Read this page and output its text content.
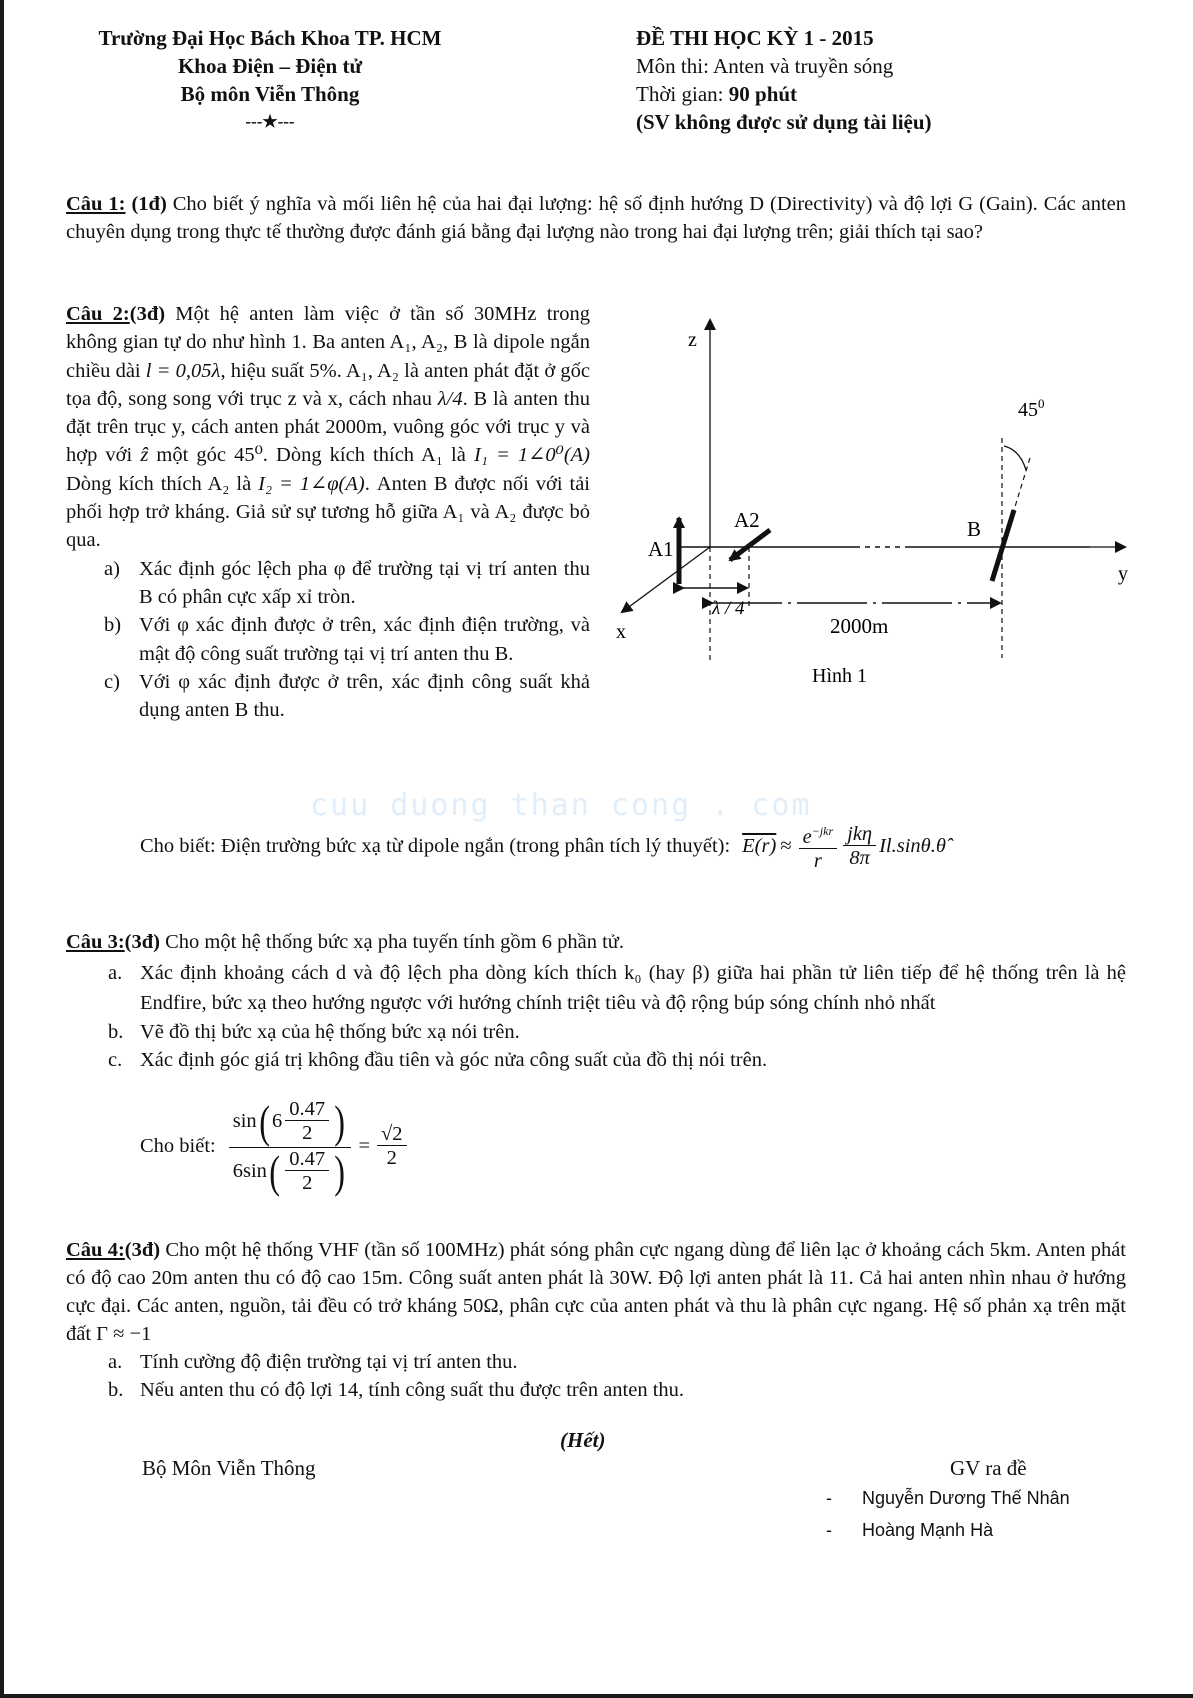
Trường Đại Học Bách Khoa TP. HCM
Khoa Điện – Điện tử
Bộ môn Viễn Thông
---★---
ĐỀ THI HỌC KỲ 1 - 2015
Môn thi: Anten và truyền sóng
Thời gian: 90 phút
(SV không được sử dụng tài liệu)
Câu 1: (1đ) Cho biết ý nghĩa và mối liên hệ của hai đại lượng: hệ số định hướng D (Directivity) và độ lợi G (Gain). Các anten chuyên dụng trong thực tế thường được đánh giá bằng đại lượng nào trong hai đại lượng trên; giải thích tại sao?
Câu 2:(3đ) Một hệ anten làm việc ở tần số 30MHz trong không gian tự do như hình 1. Ba anten A₁, A₂, B là dipole ngắn chiều dài l = 0,05λ, hiệu suất 5%. A₁, A₂ là anten phát đặt ở gốc tọa độ, song song với trục z và x, cách nhau λ/4. B là anten thu đặt trên trục y, cách anten phát 2000m, vuông góc với trục y và hợp với ẑ một góc 45⁰. Dòng kích thích A₁ là I₁ = 1∠0⁰(A) Dòng kích thích A₂ là I₂ = 1∠φ(A). Anten B được nối với tải phối hợp trở kháng. Giả sử sự tương hỗ giữa A₁ và A₂ được bỏ qua.
a) Xác định góc lệch pha φ để trường tại vị trí anten thu B có phân cực xấp xỉ tròn.
b) Với φ xác định được ở trên, xác định điện trường, và mật độ công suất trường tại vị trí anten thu B.
c) Với φ xác định được ở trên, xác định công suất khả dụng anten B thu.
z
y
x
A1
A2
λ / 4
B
$45^0$
2000m
Hình 1
cuu duong than cong . com
Cho biết: Điện trường bức xạ từ dipole ngắn (trong phân tích lý thuyết): $E(r) \approx \frac{e^{-jkr}}{r} \frac{\text{jkη}}{8\pi}$ Il.sinθ.θ̂
Câu 3:(3đ) Cho một hệ thống bức xạ pha tuyến tính gồm 6 phần tử.
a. Xác định khoảng cách d và độ lệch pha dòng kích thích k₀ (hay β) giữa hai phần tử liên tiếp để hệ thống trên là hệ Endfire, bức xạ theo hướng ngược với hướng chính triệt tiêu và độ rộng búp sóng chính nhỏ nhất
b. Vẽ đồ thị bức xạ của hệ thống bức xạ nói trên.
c. Xác định góc giá trị không đầu tiên và góc nửa công suất của đồ thị nói trên.
Cho biết: $\frac{\sin ( 6 \frac{0.47}{2} )}{6\sin ( \frac{0.47}{2} )} = \frac{√2}{2}$
Câu 4:(3đ) Cho một hệ thống VHF (tần số 100MHz) phát sóng phân cực ngang dùng để liên lạc ở khoảng cách 5km. Anten phát có độ cao 20m anten thu có độ cao 15m. Công suất anten phát là 30W. Độ lợi anten phát là 11. Cả hai anten nhìn nhau ở hướng cực đại. Các anten, nguồn, tải đều có trở kháng 50Ω, phân cực của anten phát và thu là phân cực ngang. Hệ số phản xạ trên mặt đất Γ ≈ −1
a. Tính cường độ điện trường tại vị trí anten thu.
b. Nếu anten thu có độ lợi 14, tính công suất thu được trên anten thu.
(Hết)
Bộ Môn Viễn Thông	GV ra đề
-	Nguyễn Dương Thế Nhân
-	Hoàng Mạnh Hà
